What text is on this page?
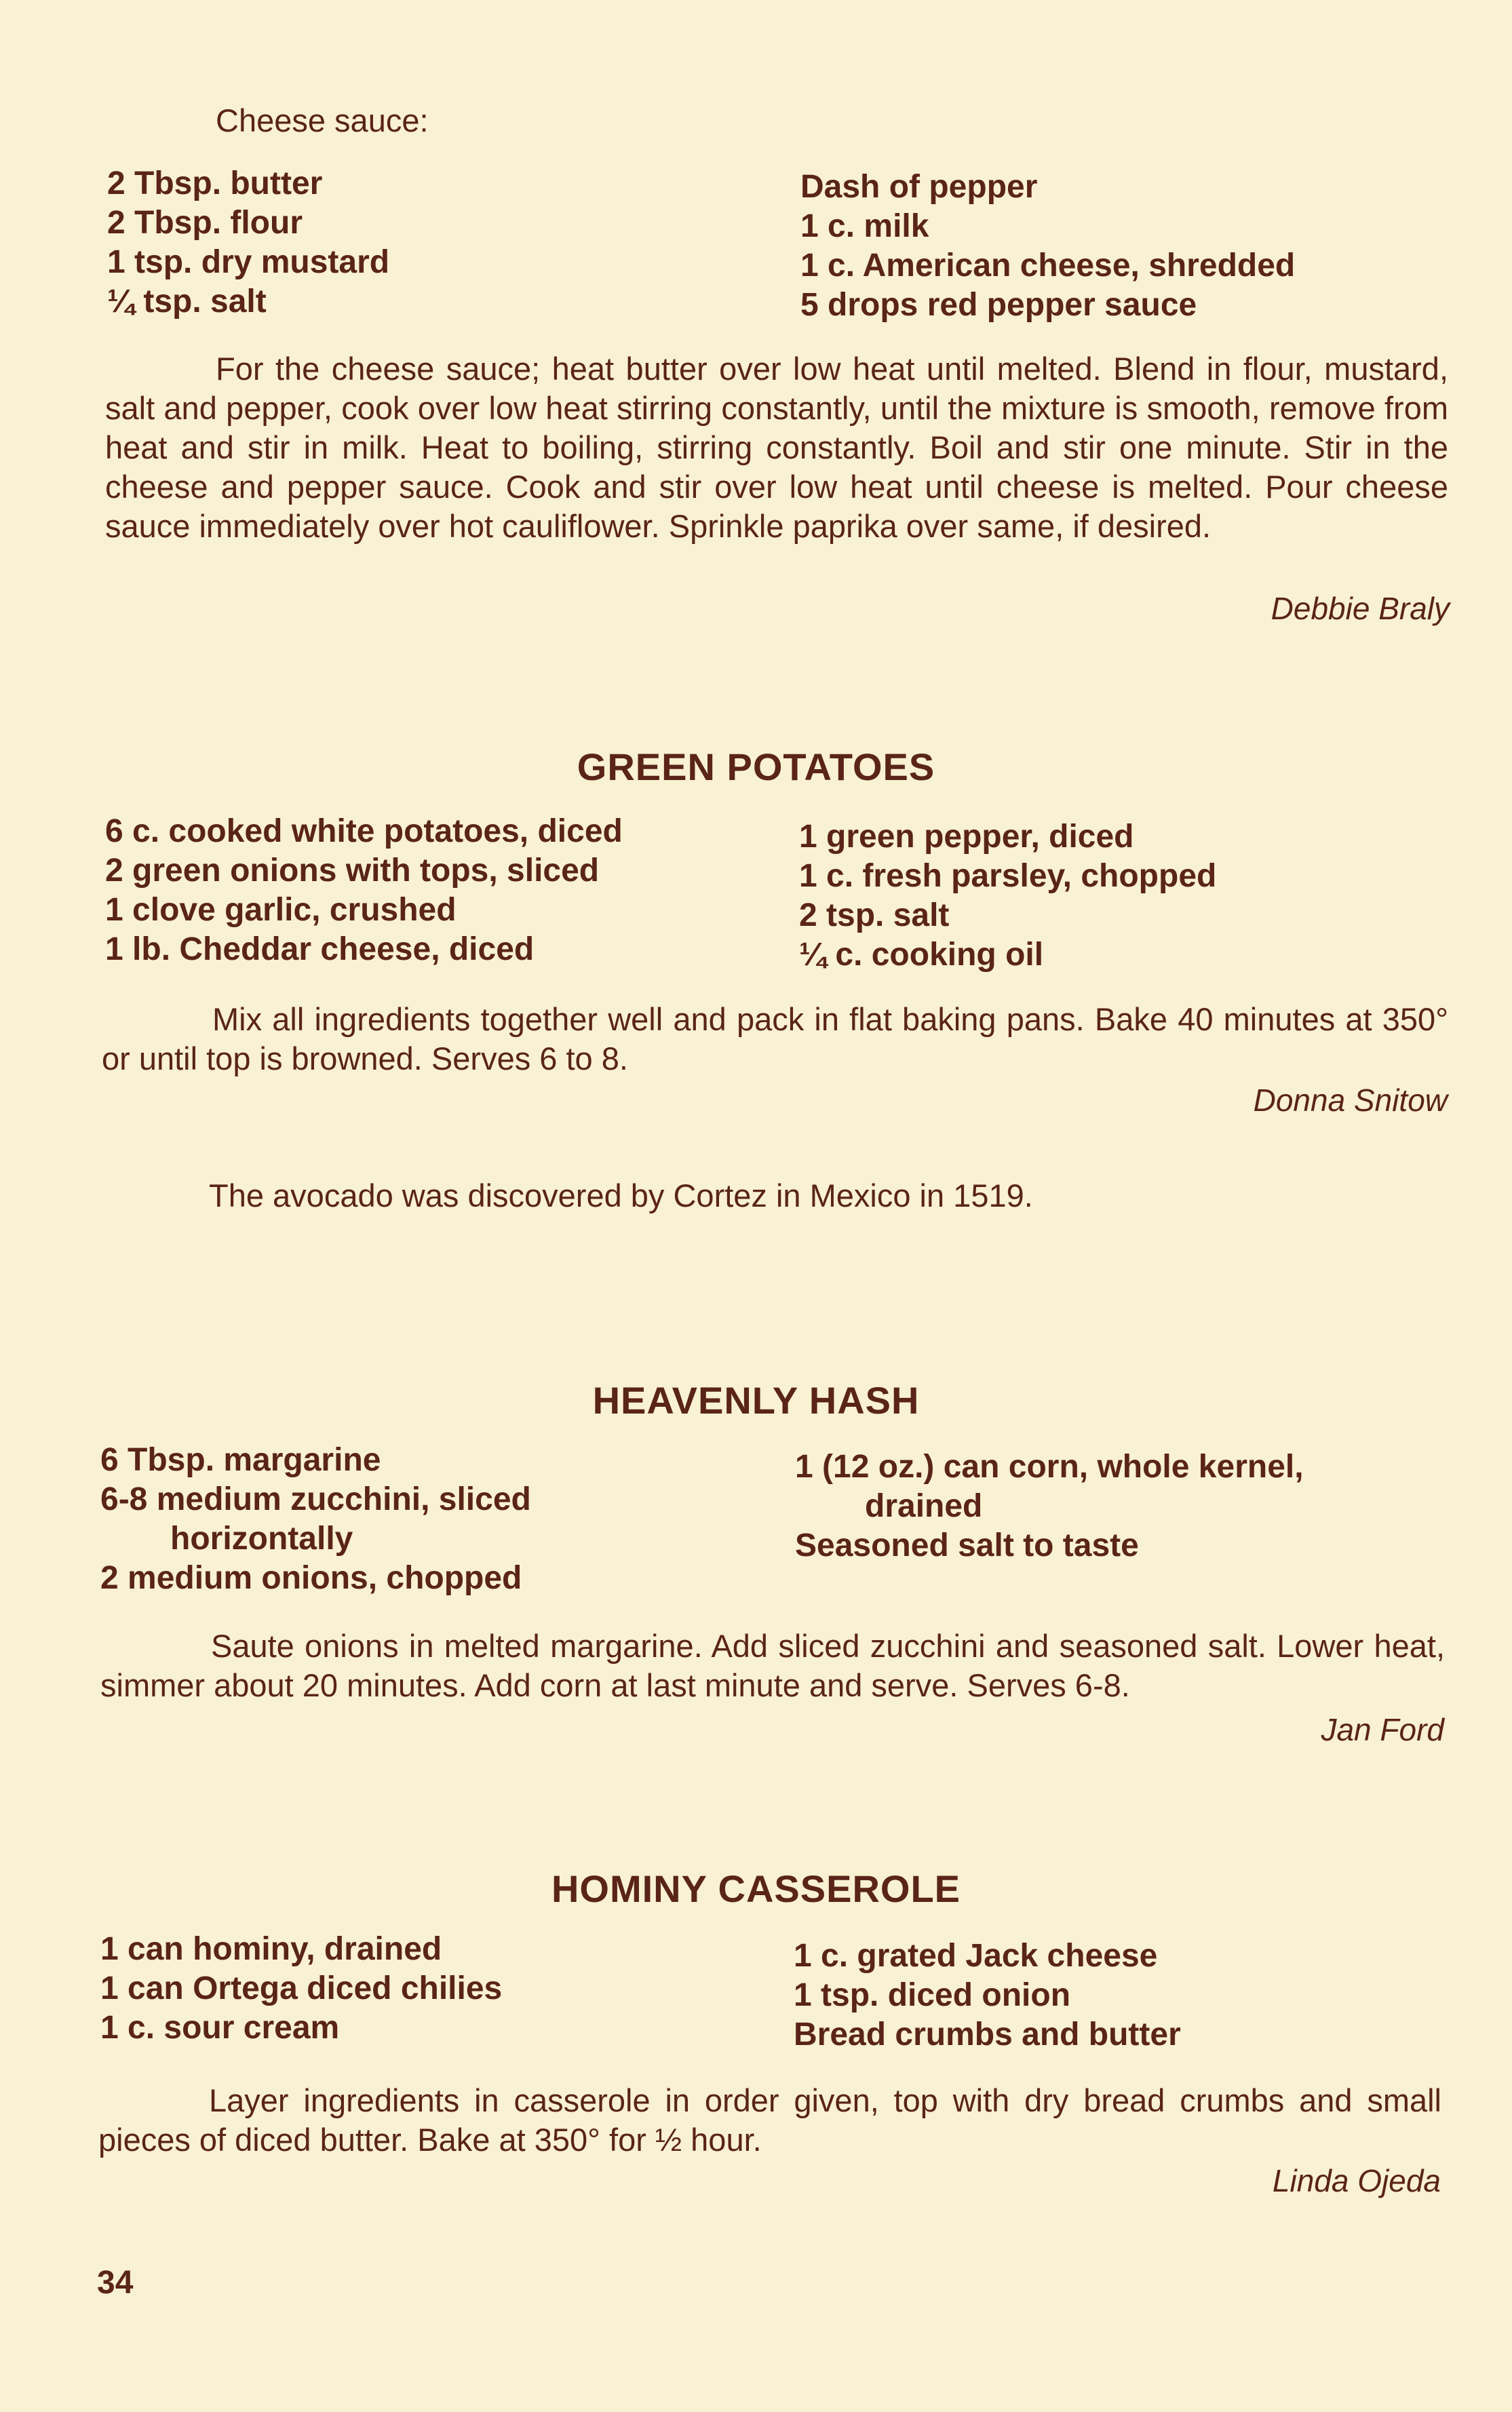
Cheese sauce:
2 Tbsp. butter
2 Tbsp. flour
1 tsp. dry mustard
¼ tsp. salt
Dash of pepper
1 c. milk
1 c. American cheese, shredded
5 drops red pepper sauce

For the cheese sauce; heat butter over low heat until melted. Blend in flour, mustard, salt and pepper, cook over low heat stirring constantly, until the mixture is smooth, remove from heat and stir in milk. Heat to boiling, stirring constantly. Boil and stir one minute. Stir in the cheese and pepper sauce. Cook and stir over low heat until cheese is melted. Pour cheese sauce immediately over hot cauliflower. Sprinkle paprika over same, if desired.

Debbie Braly
GREEN POTATOES
6 c. cooked white potatoes, diced
2 green onions with tops, sliced
1 clove garlic, crushed
1 lb. Cheddar cheese, diced
1 green pepper, diced
1 c. fresh parsley, chopped
2 tsp. salt
¼ c. cooking oil

Mix all ingredients together well and pack in flat baking pans. Bake 40 minutes at 350° or until top is browned. Serves 6 to 8.

Donna Snitow
The avocado was discovered by Cortez in Mexico in 1519.
HEAVENLY HASH
6 Tbsp. margarine
6-8 medium zucchini, sliced
horizontally
2 medium onions, chopped
1 (12 oz.) can corn, whole kernel,
drained
Seasoned salt to taste

Saute onions in melted margarine. Add sliced zucchini and seasoned salt. Lower heat, simmer about 20 minutes. Add corn at last minute and serve. Serves 6-8.

Jan Ford
HOMINY CASSEROLE
1 can hominy, drained
1 can Ortega diced chilies
1 c. sour cream
1 c. grated Jack cheese
1 tsp. diced onion
Bread crumbs and butter

Layer ingredients in casserole in order given, top with dry bread crumbs and small pieces of diced butter. Bake at 350° for ½ hour.

Linda Ojeda
34
